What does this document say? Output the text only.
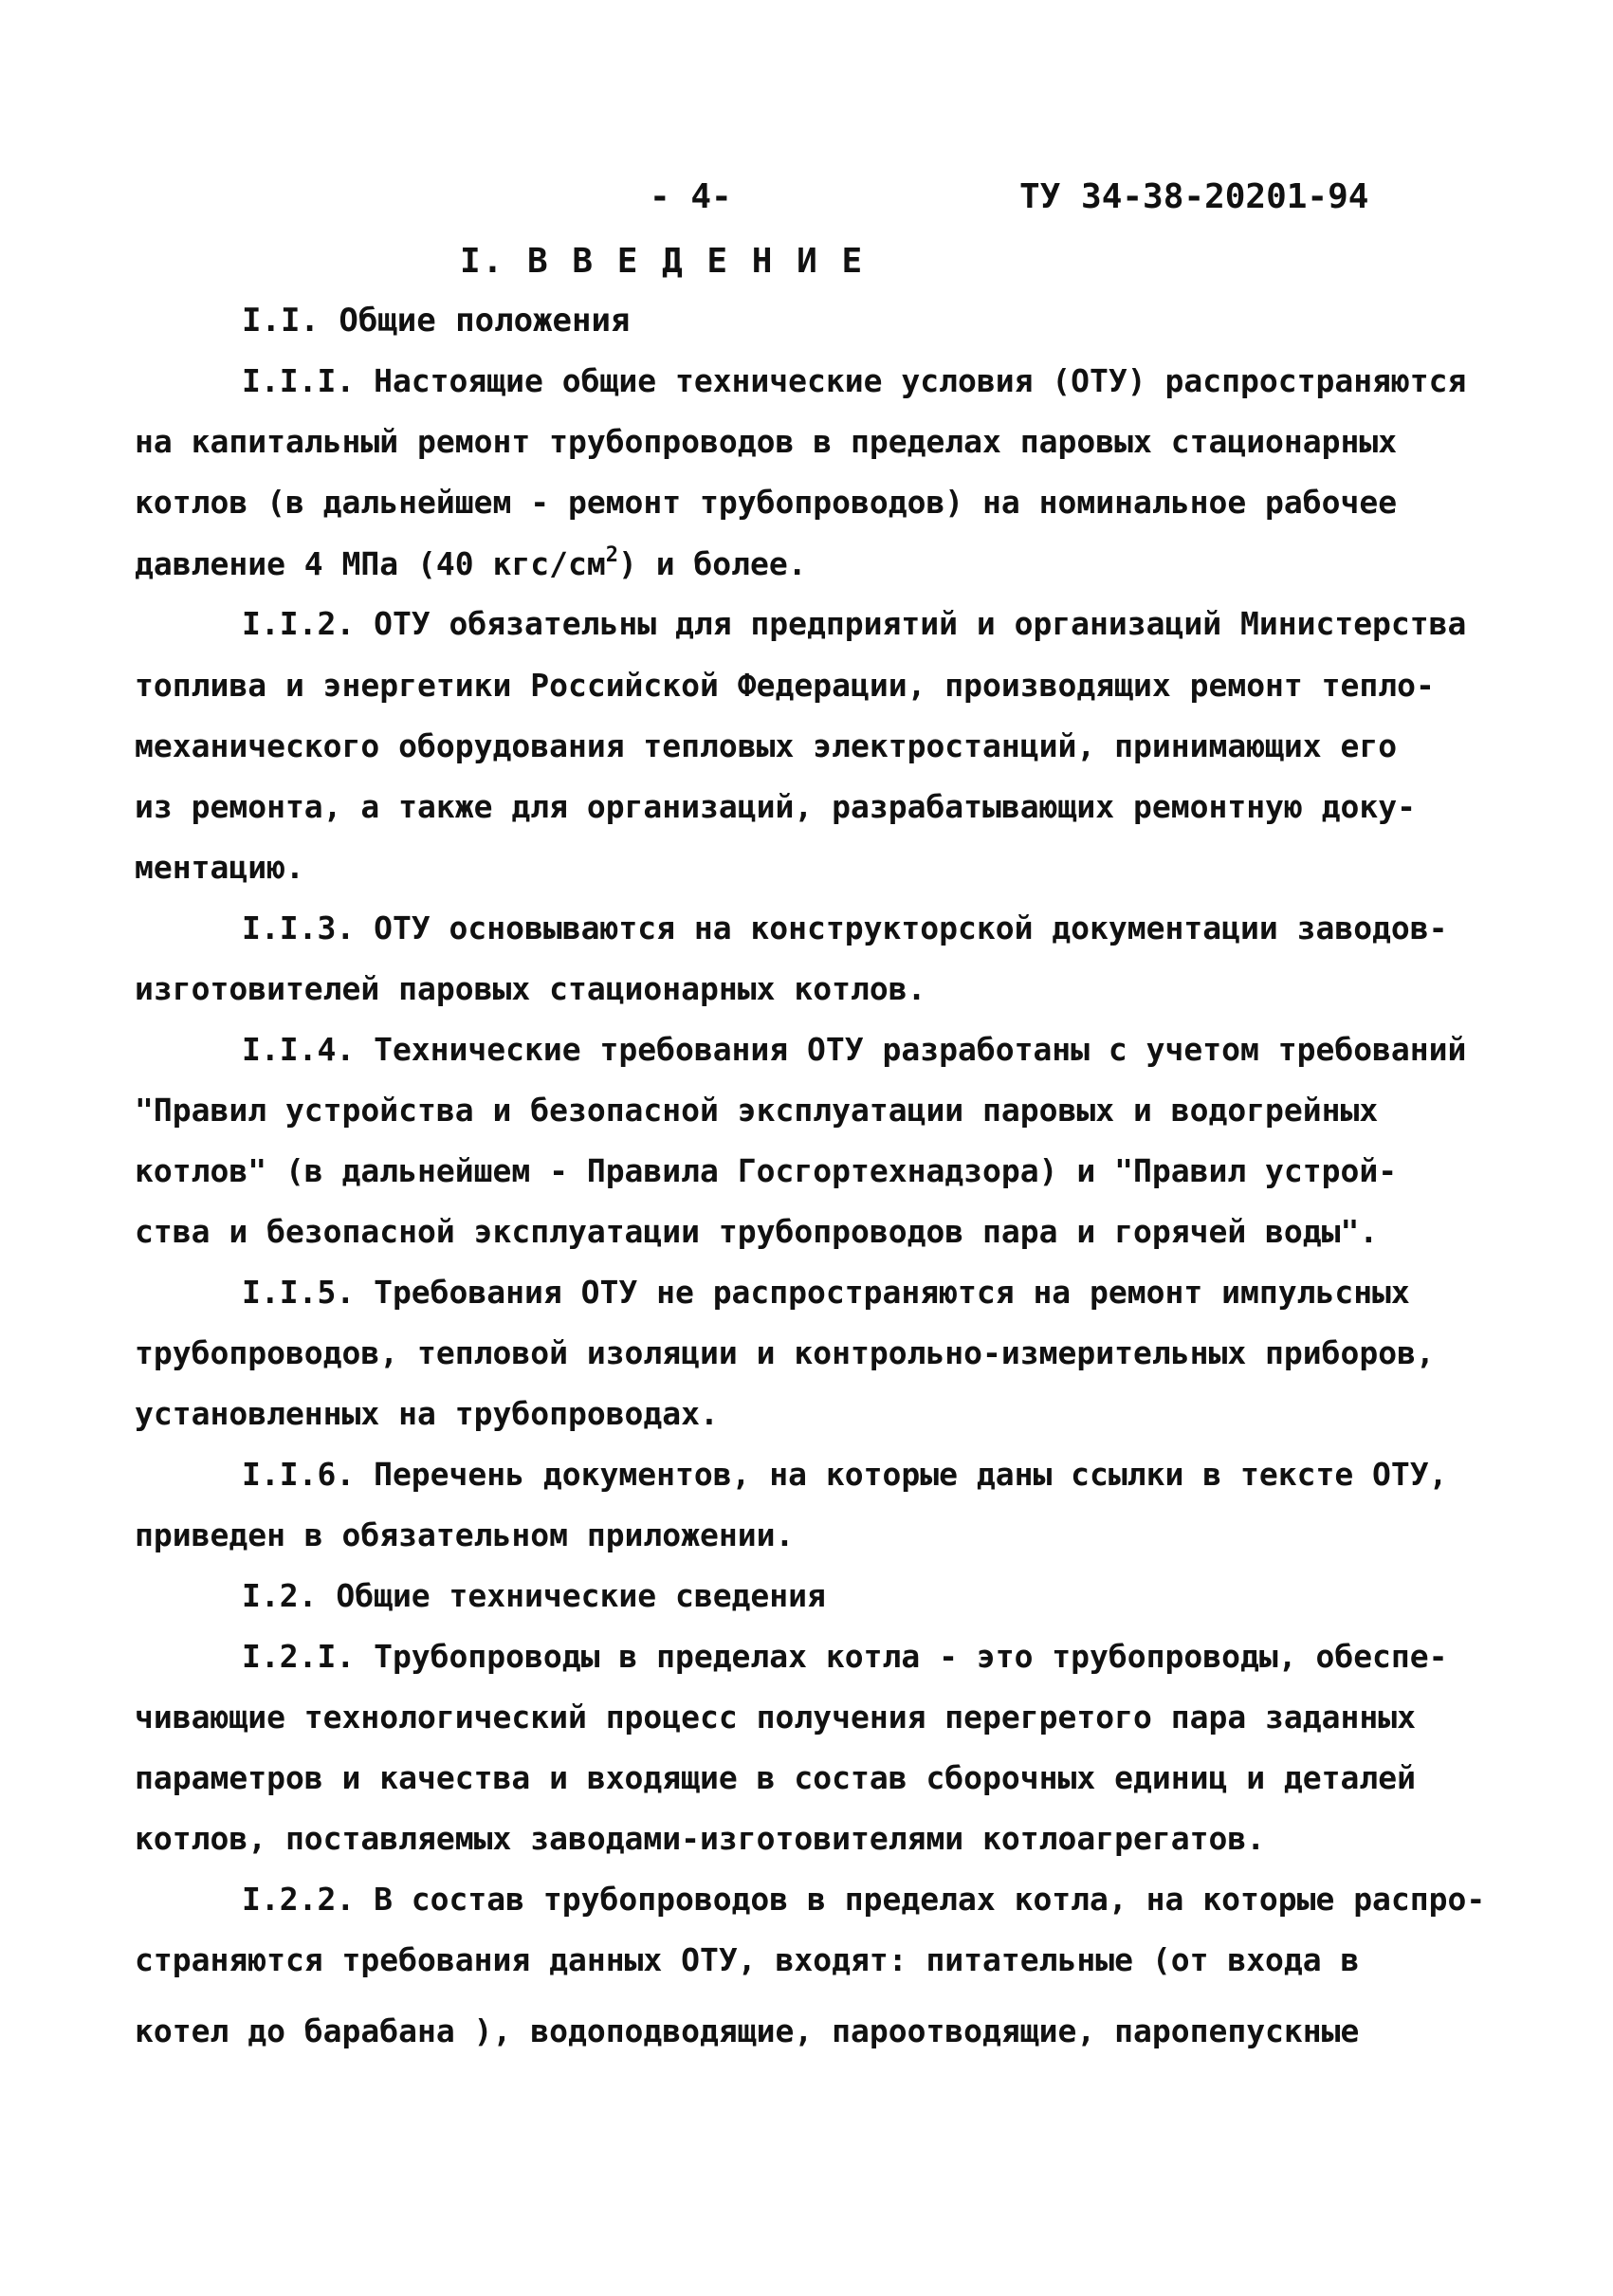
- 4-	ТУ 34-38-20201-94
I. В В Е Д Е Н И Е
I.I. Общие положения
I.I.I. Настоящие общие технические условия (ОТУ) распространяются
на капитальный ремонт трубопроводов в пределах паровых стационарных
котлов (в дальнейшем - ремонт трубопроводов) на номинальное рабочее
давление 4 МПа (40 кгс/$см^2$) и более.
I.I.2. ОТУ обязательны для предприятий и организаций Министерства
топлива и энергетики Российской Федерации, производящих ремонт тепло-
механического оборудования тепловых электростанций, принимающих его
из ремонта, а также для организаций, разрабатывающих ремонтную доку-
ментацию.
I.I.3. ОТУ основываются на конструкторской документации заводов-
изготовителей паровых стационарных котлов.
I.I.4. Технические требования ОТУ разработаны с учетом требований
"Правил устройства и безопасной эксплуатации паровых и водогрейных
котлов" (в дальнейшем - Правила Госгортехнадзора) и "Правил устрой-
ства и безопасной эксплуатации трубопроводов пара и горячей воды".
I.I.5. Требования ОТУ не распространяются на ремонт импульсных
трубопроводов, тепловой изоляции и контрольно-измерительных приборов,
установленных на трубопроводах.
I.I.6. Перечень документов, на которые даны ссылки в тексте ОТУ,
приведен в обязательном приложении.
I.2. Общие технические сведения
I.2.I. Трубопроводы в пределах котла - это трубопроводы, обеспе-
чивающие технологический процесс получения перегретого пара заданных
параметров и качества и входящие в состав сборочных единиц и деталей
котлов, поставляемых заводами-изготовителями котлоагрегатов.
I.2.2. В состав трубопроводов в пределах котла, на которые распро-
страняются требования данных ОТУ, входят: питательные (от входа в
котел до барабана ), водоподводящие, пароотводящие, паропепускные
